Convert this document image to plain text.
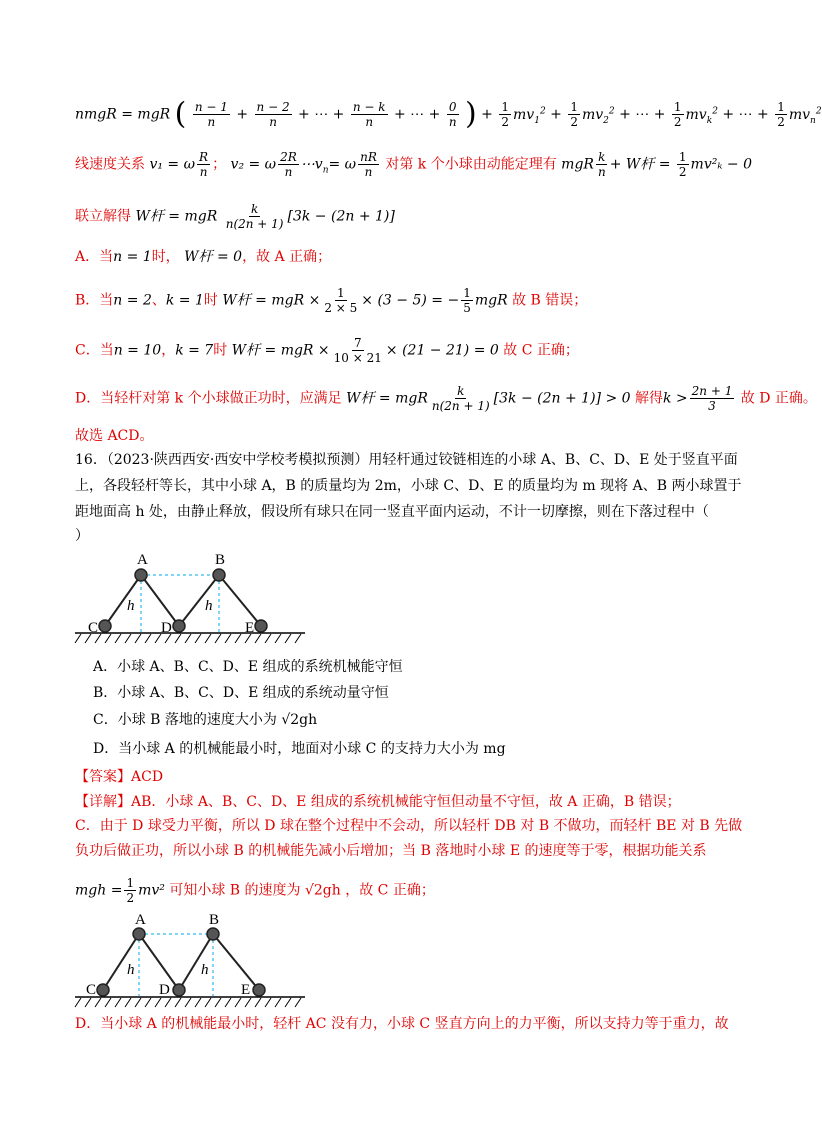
nmgR = mgR ( $\frac{n - 1}{n} + \frac{n - 2}{n}$ + ⋯ + $\frac{n - k}{n}$ + ⋯ + $\frac{0}{n}$ ) + $\frac{1}{2} mv_1^2 + \frac{1}{2} mv_2^2$ + ⋯ + $\frac{1}{2} mv_k^2$ + ⋯ + $\frac{1}{2} mv_n^2$
线速度关系 v₁ = ω $\frac{R}{n}$ ； v₂ = ω $\frac{2R}{n}$ $\cdots v_n= \omega \frac{nR}{n}$ 对第 k 个小球由动能定理有 mgR $\frac{k}{n} + W$杆 = $\frac{1}{2} mv^2_k - 0$
联立解得 W杆 = mgR $\frac{k}{n(2n + 1)} [3k - (2n + 1)]$
A．当n = 1时， W杆 = 0，故 A 正确；
B．当n = 2、k = 1时 W杆 = mgR × $\frac{1}{2 \times 5} \times (3 - 5)$ = − $\frac{1}{5}$ mgR 故 B 错误；
C．当n = 10，k = 7时 W杆 = mgR × $\frac{7}{10 \times 21} \times (21 - 21) = 0$ 故 C 正确；
D．当轻杆对第 k 个小球做正功时，应满足 W杆 = mgR $\frac{k}{n(2n + 1)} [3k - (2n + 1)] > 0$ 解得$k > \frac{2n + 1}{3}$ 故 D 正确。
故选 ACD。
16．（2023·陕西西安·西安中学校考模拟预测）用轻杆通过铰链相连的小球 A、B、C、D、E 处于竖直平面
上，各段轻杆等长，其中小球 A，B 的质量均为 2m，小球 C、D、E 的质量均为 m 现将 A、B 两小球置于
距地面高 h 处，由静止释放，假设所有球只在同一竖直平面内运动，不计一切摩擦，则在下落过程中（
）
A	B
C	D	E
h	h
A．小球 A、B、C、D、E 组成的系统机械能守恒
B．小球 A、B、C、D、E 组成的系统动量守恒
C．小球 B 落地的速度大小为 √2gh
D．当小球 A 的机械能最小时，地面对小球 C 的支持力大小为 mg
【答案】ACD
【详解】AB．小球 A、B、C、D、E 组成的系统机械能守恒但动量不守恒，故 A 正确，B 错误；
C．由于 D 球受力平衡，所以 D 球在整个过程中不会动，所以轻杆 DB 对 B 不做功，而轻杆 BE 对 B 先做
负功后做正功，所以小球 B 的机械能先减小后增加；当 B 落地时小球 E 的速度等于零，根据功能关系
mgh = $\frac{1}{2} mv^2$ 可知小球 B 的速度为 √2gh ，故 C 正确；
A	B
C	D	E
h	h
D．当小球 A 的机械能最小时，轻杆 AC 没有力，小球 C 竖直方向上的力平衡，所以支持力等于重力，故
